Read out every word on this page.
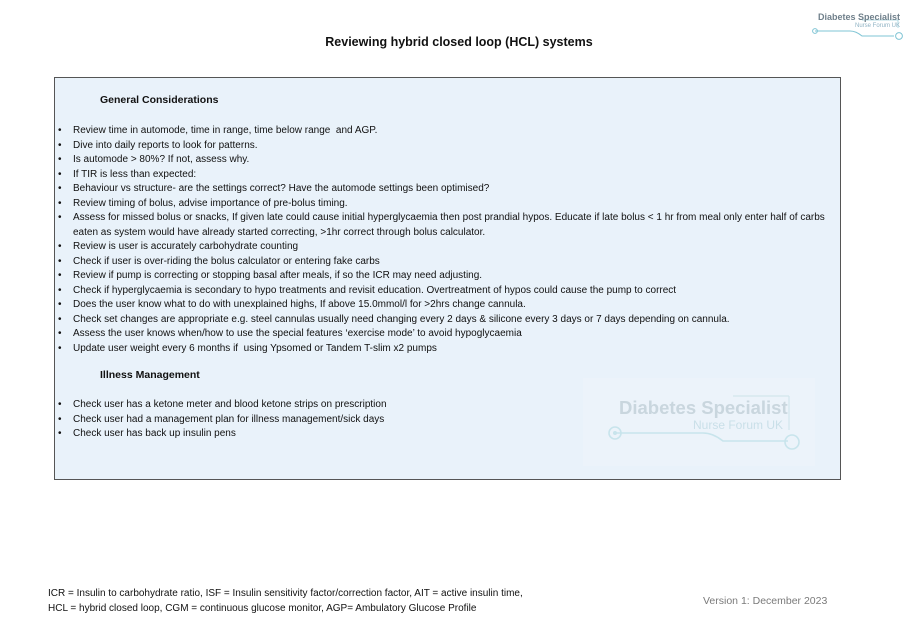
Diabetes Specialist
Nurse Forum UK
Reviewing hybrid closed loop (HCL) systems
Diabetes Specialist
Nurse Forum UK
General Considerations
• Review time in automode, time in range, time below range  and AGP.
• Dive into daily reports to look for patterns.
• Is automode > 80%? If not, assess why.
• If TIR is less than expected:
• Behaviour vs structure- are the settings correct? Have the automode settings been optimised?
• Review timing of bolus, advise importance of pre-bolus timing.
• Assess for missed bolus or snacks, If given late could cause initial hyperglycaemia then post prandial hypos. Educate if late bolus < 1 hr from meal only enter half of carbs eaten as system would have already started correcting, >1hr correct through bolus calculator.
• Review is user is accurately carbohydrate counting
• Check if user is over-riding the bolus calculator or entering fake carbs
• Review if pump is correcting or stopping basal after meals, if so the ICR may need adjusting.
• Check if hyperglycaemia is secondary to hypo treatments and revisit education. Overtreatment of hypos could cause the pump to correct
• Does the user know what to do with unexplained highs, If above 15.0mmol/l for >2hrs change cannula.
• Check set changes are appropriate e.g. steel cannulas usually need changing every 2 days & silicone every 3 days or 7 days depending on cannula.
• Assess the user knows when/how to use the special features ‘exercise mode’ to avoid hypoglycaemia
• Update user weight every 6 months if  using Ypsomed or Tandem T-slim x2 pumps
Illness Management
• Check user has a ketone meter and blood ketone strips on prescription
• Check user had a management plan for illness management/sick days
• Check user has back up insulin pens
ICR = Insulin to carbohydrate ratio, ISF = Insulin sensitivity factor/correction factor, AIT = active insulin time,
HCL = hybrid closed loop, CGM = continuous glucose monitor, AGP= Ambulatory Glucose Profile
Version 1: December 2023
